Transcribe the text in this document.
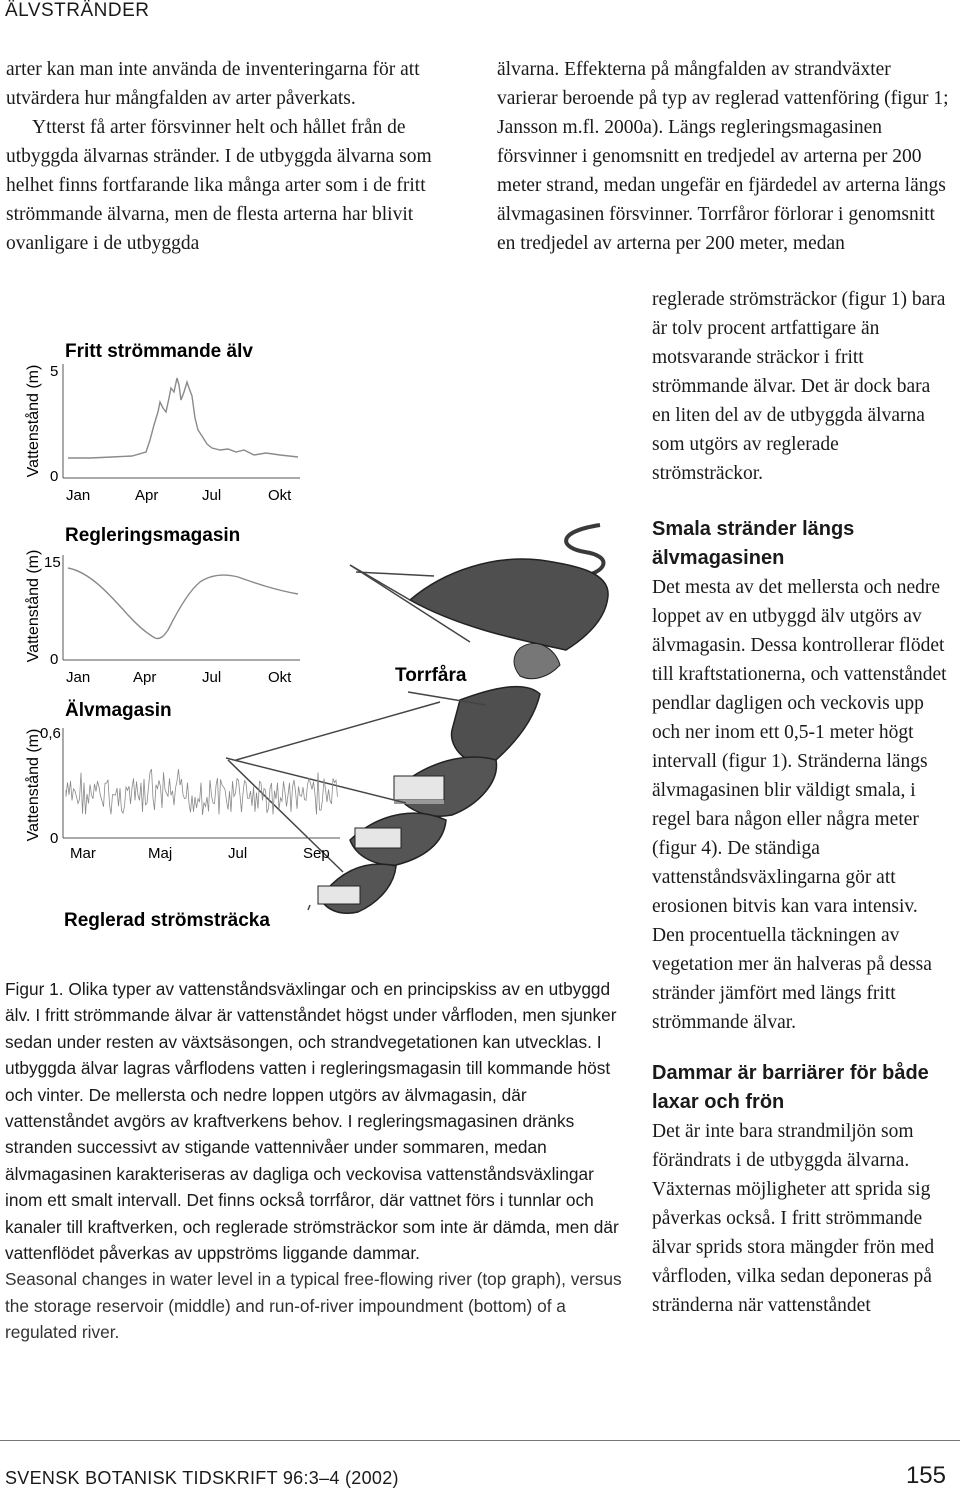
ÄLVSTRÄNDER

arter kan man inte använda de inventeringarna för att utvärdera hur mångfalden av arter påverkats.

Ytterst få arter försvinner helt och hållet från de utbyggda älvarnas stränder. I de utbyggda älvarna som helhet finns fortfarande lika många arter som i de fritt strömmande älvarna, men de flesta arterna har blivit ovanligare i de utbyggda

älvarna. Effekterna på mångfalden av strandväxter varierar beroende på typ av reglerad vattenföring (figur 1; Jansson m.fl. 2000a). Längs regleringsmagasinen försvinner i genomsnitt en tredjedel av arterna per 200 meter strand, medan ungefär en fjärdedel av arterna längs älvmagasinen försvinner. Torrfåror förlorar i genomsnitt en tredjedel av arterna per 200 meter, medan

reglerade strömsträckor (figur 1) bara är tolv procent artfattigare än motsvarande sträckor i fritt strömmande älvar. Det är dock bara en liten del av de utbyggda älvarna som utgörs av reglerade strömsträckor.

Smala stränder längs älvmagasinen

Det mesta av det mellersta och nedre loppet av en utbyggd älv utgörs av älvmagasin. Dessa kontrollerar flödet till kraftstationerna, och vattenståndet pendlar dagligen och veckovis upp och ner inom ett 0,5-1 meter högt intervall (figur 1). Stränderna längs älvmagasinen blir väldigt smala, i regel bara någon eller några meter (figur 4). De ständiga vattenståndsväxlingarna gör att erosionen bitvis kan vara intensiv. Den procentuella täckningen av vegetation mer än halveras på dessa stränder jämfört med längs fritt strömmande älvar.

Dammar är barriärer för både laxar och frön

Det är inte bara strandmiljön som förändrats i de utbyggda älvarna. Växternas möjligheter att sprida sig påverkas också. I fritt strömmande älvar sprids stora mängder frön med vårfloden, vilka sedan deponeras på stränderna när vattenståndet

Fritt strömmande älv
Vattenstånd (m) 5
0
Jan	Apr	Jul	Okt
Regleringsmagasin
Vattenstånd (m) 15
0
Jan	Apr	Jul	Okt
Älvmagasin
Vattenstånd (m)
0,6
0
Mar	Maj	Jul	Sep
Torrfåra
Reglerad strömsträcka
Figur 1. Olika typer av vattenståndsväxlingar och en principskiss av en utbyggd älv. I fritt strömmande älvar är vattenståndet högst under vårfloden, men sjunker sedan under resten av växtsäsongen, och strandvegetationen kan utvecklas. I utbyggda älvar lagras vårflodens vatten i regleringsmagasin till kommande höst och vinter. De mellersta och nedre loppen utgörs av älvmagasin, där vattenståndet avgörs av kraftverkens behov. I regleringsmagasinen dränks stranden successivt av stigande vattennivåer under sommaren, medan älvmagasinen karakteriseras av dagliga och veckovisa vattenståndsväxlingar inom ett smalt intervall. Det finns också torrfåror, där vattnet förs i tunnlar och kanaler till kraftverken, och reglerade strömsträckor som inte är dämda, men där vattenflödet påverkas av uppströms liggande dammar.
Seasonal changes in water level in a typical free-flowing river (top graph), versus the storage reservoir (middle) and run-of-river impoundment (bottom) of a regulated river.
SVENSK BOTANISK TIDSKRIFT 96:3–4 (2002)	155
